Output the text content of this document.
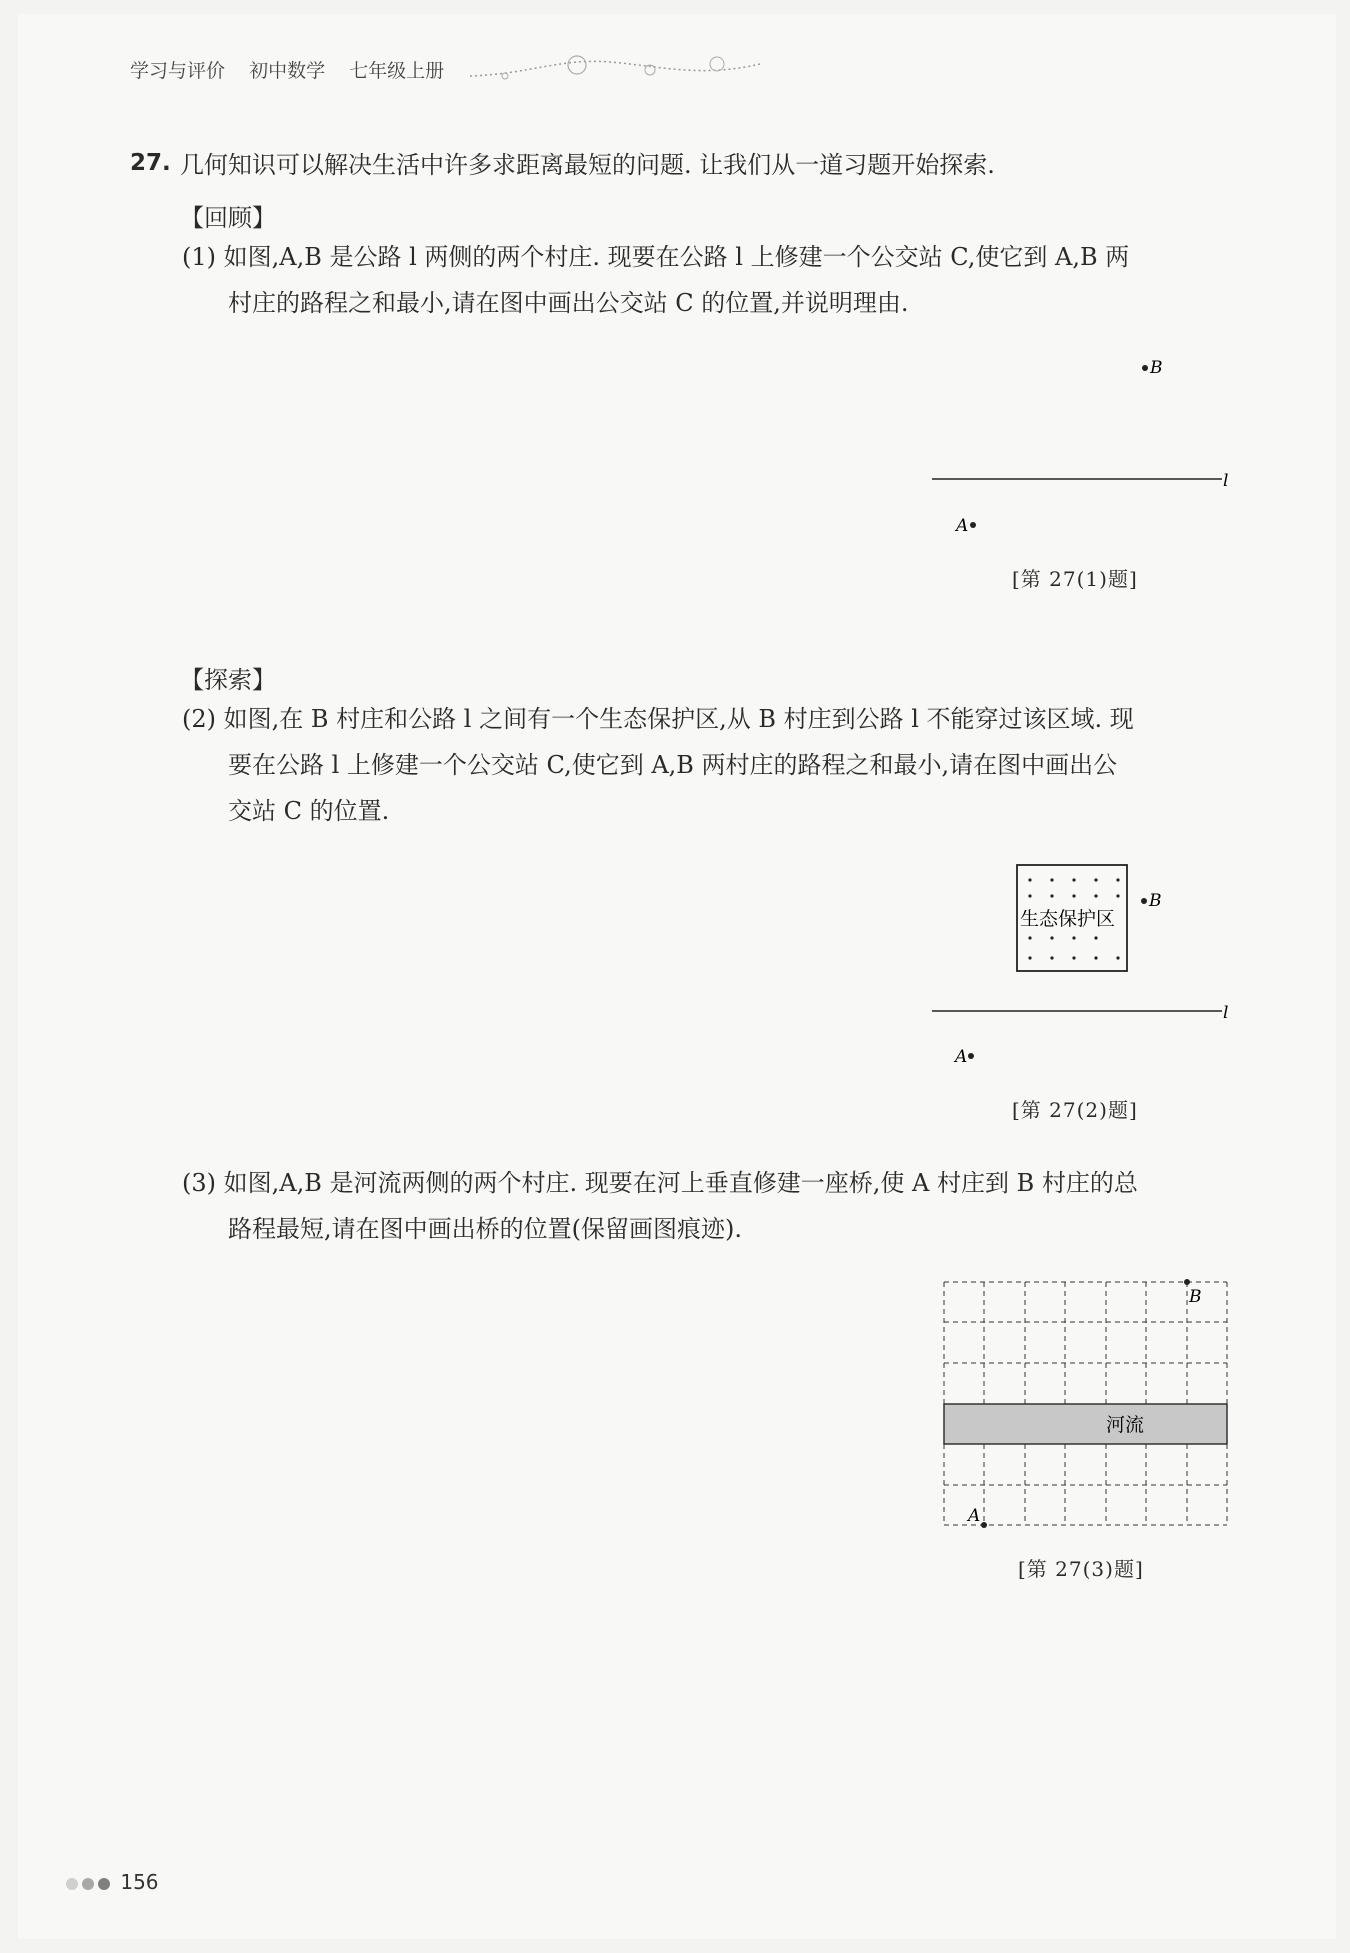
学习与评价 初中数学 七年级上册
27. 几何知识可以解决生活中许多求距离最短的问题. 让我们从一道习题开始探索.
【回顾】
(1) 如图,A,B 是公路 l 两侧的两个村庄. 现要在公路 l 上修建一个公交站 C,使它到 A,B 两
村庄的路程之和最小,请在图中画出公交站 C 的位置,并说明理由.
B
l
A
[第 27(1)题]
【探索】
(2) 如图,在 B 村庄和公路 l 之间有一个生态保护区,从 B 村庄到公路 l 不能穿过该区域. 现
要在公路 l 上修建一个公交站 C,使它到 A,B 两村庄的路程之和最小,请在图中画出公
交站 C 的位置.
生态保护区
B
l
A
[第 27(2)题]
(3) 如图,A,B 是河流两侧的两个村庄. 现要在河上垂直修建一座桥,使 A 村庄到 B 村庄的总
路程最短,请在图中画出桥的位置(保留画图痕迹).
河流
B
A
[第 27(3)题]
156
